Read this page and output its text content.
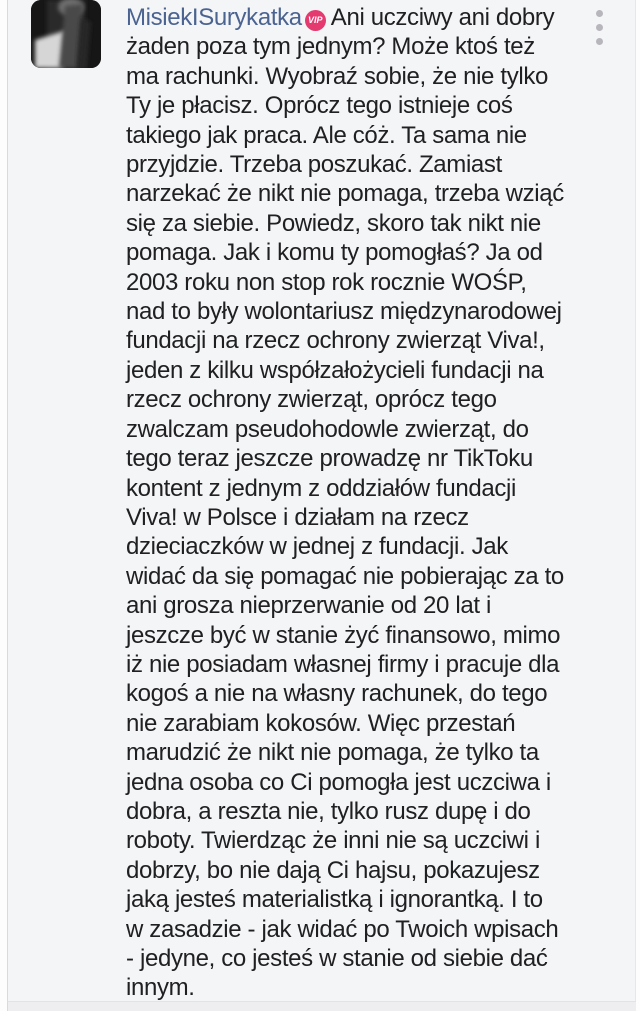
MisiekISurykatka VIP Ani uczciwy ani dobry żaden poza tym jednym? Może ktoś też ma rachunki. Wyobraź sobie, że nie tylko Ty je płacisz. Oprócz tego istnieje coś takiego jak praca. Ale cóż. Ta sama nie przyjdzie. Trzeba poszukać. Zamiast narzekać że nikt nie pomaga, trzeba wziąć się za siebie. Powiedz, skoro tak nikt nie pomaga. Jak i komu ty pomogłaś? Ja od 2003 roku non stop rok rocznie WOŚP, nad to były wolontariusz międzynarodowej fundacji na rzecz ochrony zwierząt Viva!, jeden z kilku współzałożycieli fundacji na rzecz ochrony zwierząt, oprócz tego zwalczam pseudohodowle zwierząt, do tego teraz jeszcze prowadzę nr TikToku kontent z jednym z oddziałów fundacji Viva! w Polsce i działam na rzecz dzieciaczków w jednej z fundacji. Jak widać da się pomagać nie pobierając za to ani grosza nieprzerwanie od 20 lat i jeszcze być w stanie żyć finansowo, mimo iż nie posiadam własnej firmy i pracuje dla kogoś a nie na własny rachunek, do tego nie zarabiam kokosów. Więc przestań marudzić że nikt nie pomaga, że tylko ta jedna osoba co Ci pomogła jest uczciwa i dobra, a reszta nie, tylko rusz dupę i do roboty. Twierdząc że inni nie są uczciwi i dobrzy, bo nie dają Ci hajsu, pokazujesz jaką jesteś materialistką i ignorantką. I to w zasadzie - jak widać po Twoich wpisach - jedyne, co jesteś w stanie od siebie dać innym.
